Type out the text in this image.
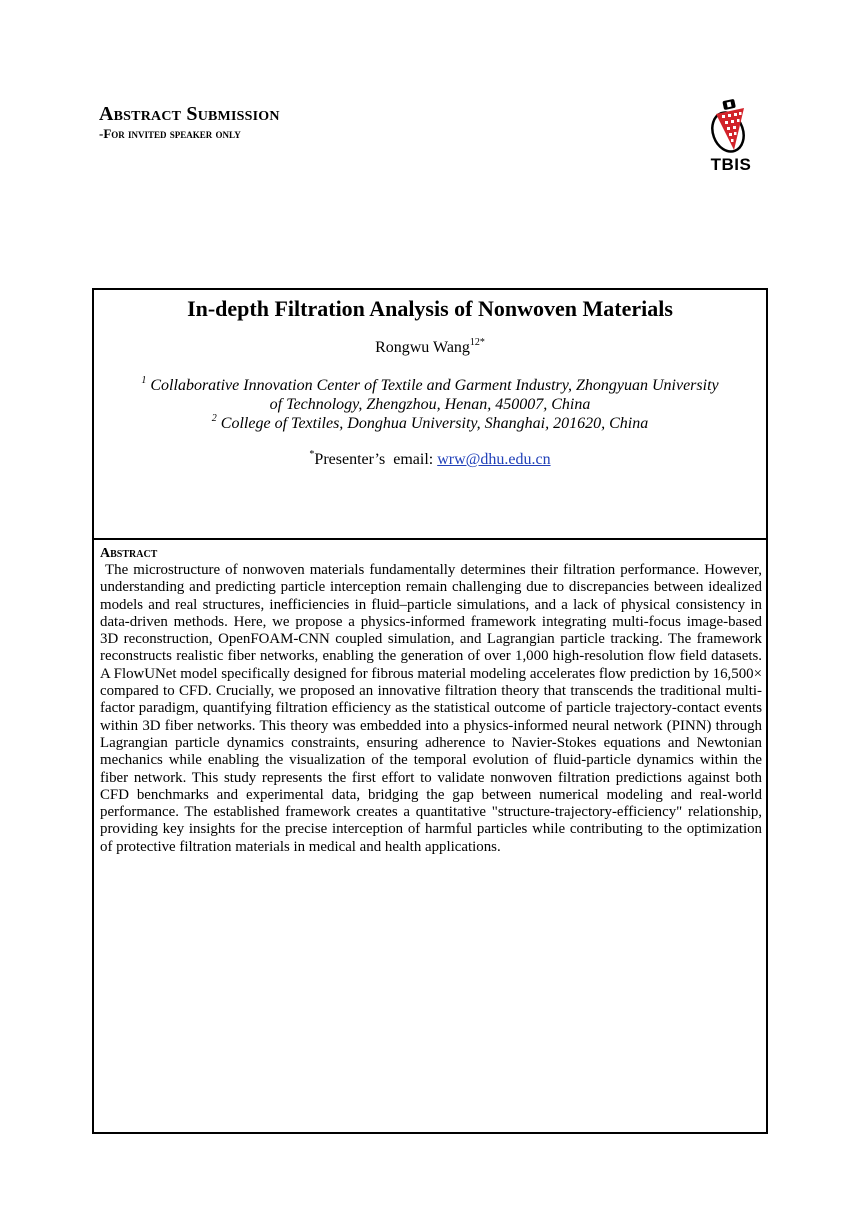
Abstract Submission
-For invited speaker only
TBIS
In-depth Filtration Analysis of Nonwoven Materials
Rongwu Wang$^{12*}$
$^1$ Collaborative Innovation Center of Textile and Garment Industry, Zhongyuan University
of Technology, Zhengzhou, Henan, 450007, China
$^2$ College of Textiles, Donghua University, Shanghai, 201620, China
*Presenter’s  email: wrw@dhu.edu.cn
Abstract
The microstructure of nonwoven materials fundamentally determines their filtration performance. However, understanding and predicting particle interception remain challenging due to discrepancies between idealized models and real structures, inefficiencies in fluid–particle simulations, and a lack of physical consistency in data-driven methods. Here, we propose a physics-informed framework integrating multi-focus image-based 3D reconstruction, OpenFOAM-CNN coupled simulation, and Lagrangian particle tracking. The framework reconstructs realistic fiber networks, enabling the generation of over 1,000 high-resolution flow field datasets. A FlowUNet model specifically designed for fibrous material modeling accelerates flow prediction by 16,500× compared to CFD. Crucially, we proposed an innovative filtration theory that transcends the traditional multi-factor paradigm, quantifying filtration efficiency as the statistical outcome of particle trajectory-contact events within 3D fiber networks. This theory was embedded into a physics-informed neural network (PINN) through Lagrangian particle dynamics constraints, ensuring adherence to Navier-Stokes equations and Newtonian mechanics while enabling the visualization of the temporal evolution of fluid-particle dynamics within the fiber network. This study represents the first effort to validate nonwoven filtration predictions against both CFD benchmarks and experimental data, bridging the gap between numerical modeling and real-world performance. The established framework creates a quantitative "structure-trajectory-efficiency" relationship, providing key insights for the precise interception of harmful particles while contributing to the optimization of protective filtration materials in medical and health applications.
